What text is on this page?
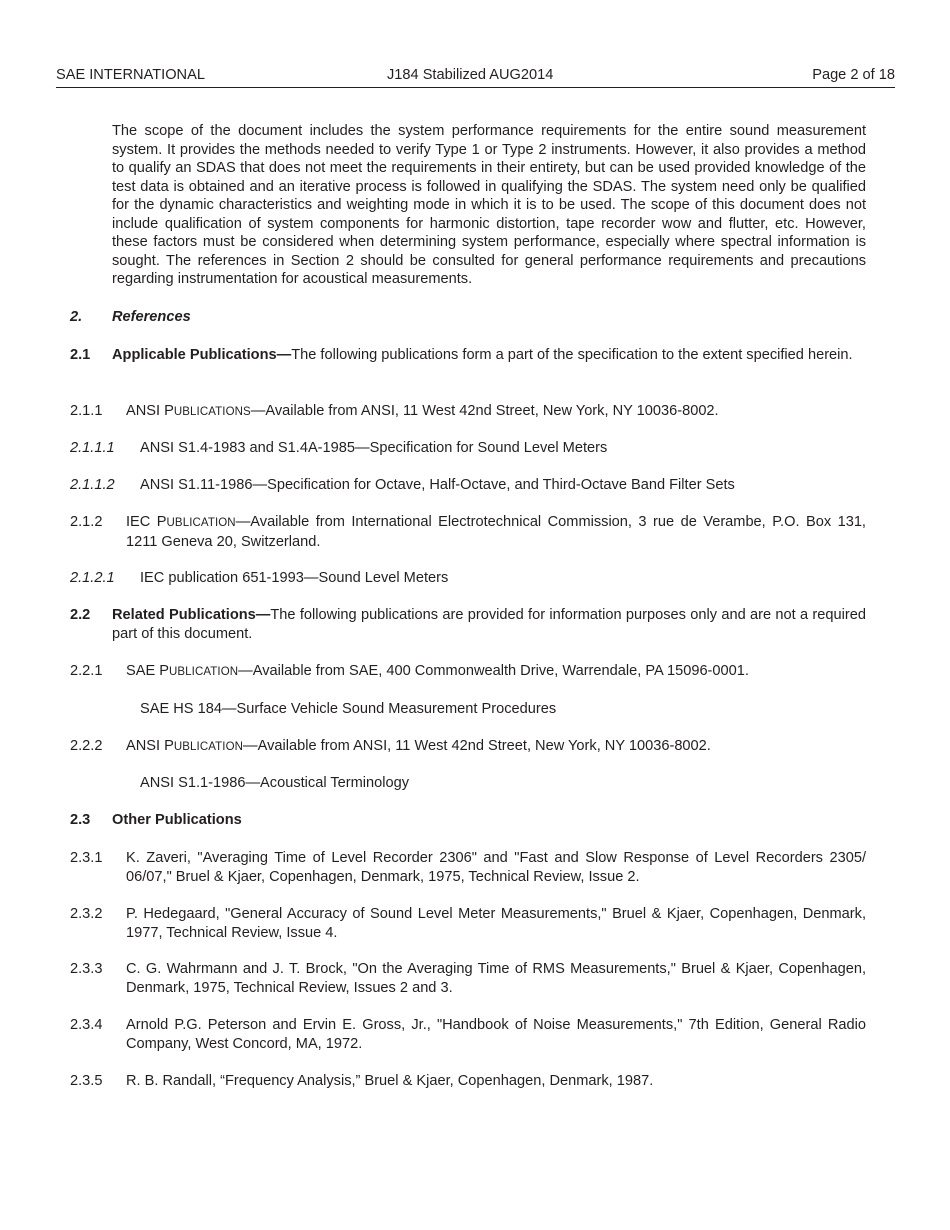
SAE INTERNATIONAL	J184 Stabilized AUG2014	Page 2 of 18

The scope of the document includes the system performance requirements for the entire sound measurement system. It provides the methods needed to verify Type 1 or Type 2 instruments. However, it also provides a method to qualify an SDAS that does not meet the requirements in their entirety, but can be used provided knowledge of the test data is obtained and an iterative process is followed in qualifying the SDAS. The system need only be qualified for the dynamic characteristics and weighting mode in which it is to be used. The scope of this document does not include qualification of system components for harmonic distortion, tape recorder wow and flutter, etc. However, these factors must be considered when determining system performance, especially where spectral information is sought. The references in Section 2 should be consulted for general performance requirements and precautions regarding instrumentation for acoustical measurements.

2. References
2.1 Applicable Publications—The following publications form a part of the specification to the extent specified herein.

2.1.1 ANSI PUBLICATIONS—Available from ANSI, 11 West 42nd Street, New York, NY 10036-8002.

2.1.1.1 ANSI S1.4-1983 and S1.4A-1985—Specification for Sound Level Meters

2.1.1.2 ANSI S1.11-1986—Specification for Octave, Half-Octave, and Third-Octave Band Filter Sets

2.1.2 IEC PUBLICATION—Available from International Electrotechnical Commission, 3 rue de Verambe, P.O. Box 131, 1211 Geneva 20, Switzerland.

2.1.2.1 IEC publication 651-1993—Sound Level Meters

2.2 Related Publications—The following publications are provided for information purposes only and are not a required part of this document.

2.2.1 SAE PUBLICATION—Available from SAE, 400 Commonwealth Drive, Warrendale, PA 15096-0001.

SAE HS 184—Surface Vehicle Sound Measurement Procedures

2.2.2 ANSI PUBLICATION—Available from ANSI, 11 West 42nd Street, New York, NY 10036-8002.

ANSI S1.1-1986—Acoustical Terminology

2.3 Other Publications
2.3.1 K. Zaveri, "Averaging Time of Level Recorder 2306" and "Fast and Slow Response of Level Recorders 2305/ 06/07," Bruel & Kjaer, Copenhagen, Denmark, 1975, Technical Review, Issue 2.

2.3.2 P. Hedegaard, "General Accuracy of Sound Level Meter Measurements," Bruel & Kjaer, Copenhagen, Denmark, 1977, Technical Review, Issue 4.

2.3.3 C. G. Wahrmann and J. T. Brock, "On the Averaging Time of RMS Measurements," Bruel & Kjaer, Copenhagen, Denmark, 1975, Technical Review, Issues 2 and 3.

2.3.4 Arnold P.G. Peterson and Ervin E. Gross, Jr., "Handbook of Noise Measurements," 7th Edition, General Radio Company, West Concord, MA, 1972.

2.3.5 R. B. Randall, “Frequency Analysis,” Bruel & Kjaer, Copenhagen, Denmark, 1987.
